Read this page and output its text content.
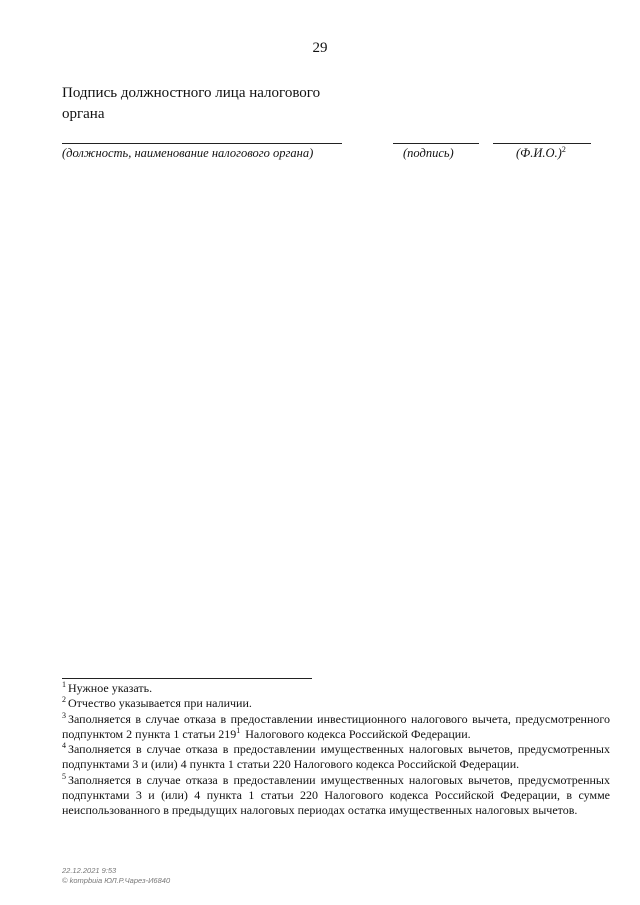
29
Подпись должностного лица налогового органа
(должность, наименование налогового органа)	(подпись)	$(Ф.И.О.)^2$

$^1$ Нужное указать.

$^2$ Отчество указывается при наличии.

$^3$ Заполняется в случае отказа в предоставлении инвестиционного налогового вычета, предусмотренного подпунктом 2 пункта 1 статьи 219$^1$ Налогового кодекса Российской Федерации.

$^4$ Заполняется в случае отказа в предоставлении имущественных налоговых вычетов, предусмотренных подпунктами 3 и (или) 4 пункта 1 статьи 220 Налогового кодекса Российской Федерации.

$^5$ Заполняется в случае отказа в предоставлении имущественных налоговых вычетов, предусмотренных подпунктами 3 и (или) 4 пункта 1 статьи 220 Налогового кодекса Российской Федерации, в сумме неиспользованного в предыдущих налоговых периодах остатка имущественных налоговых вычетов.

22.12.2021 9:53
© kompbuia ЮЛ.Р.Чарез-И6840
